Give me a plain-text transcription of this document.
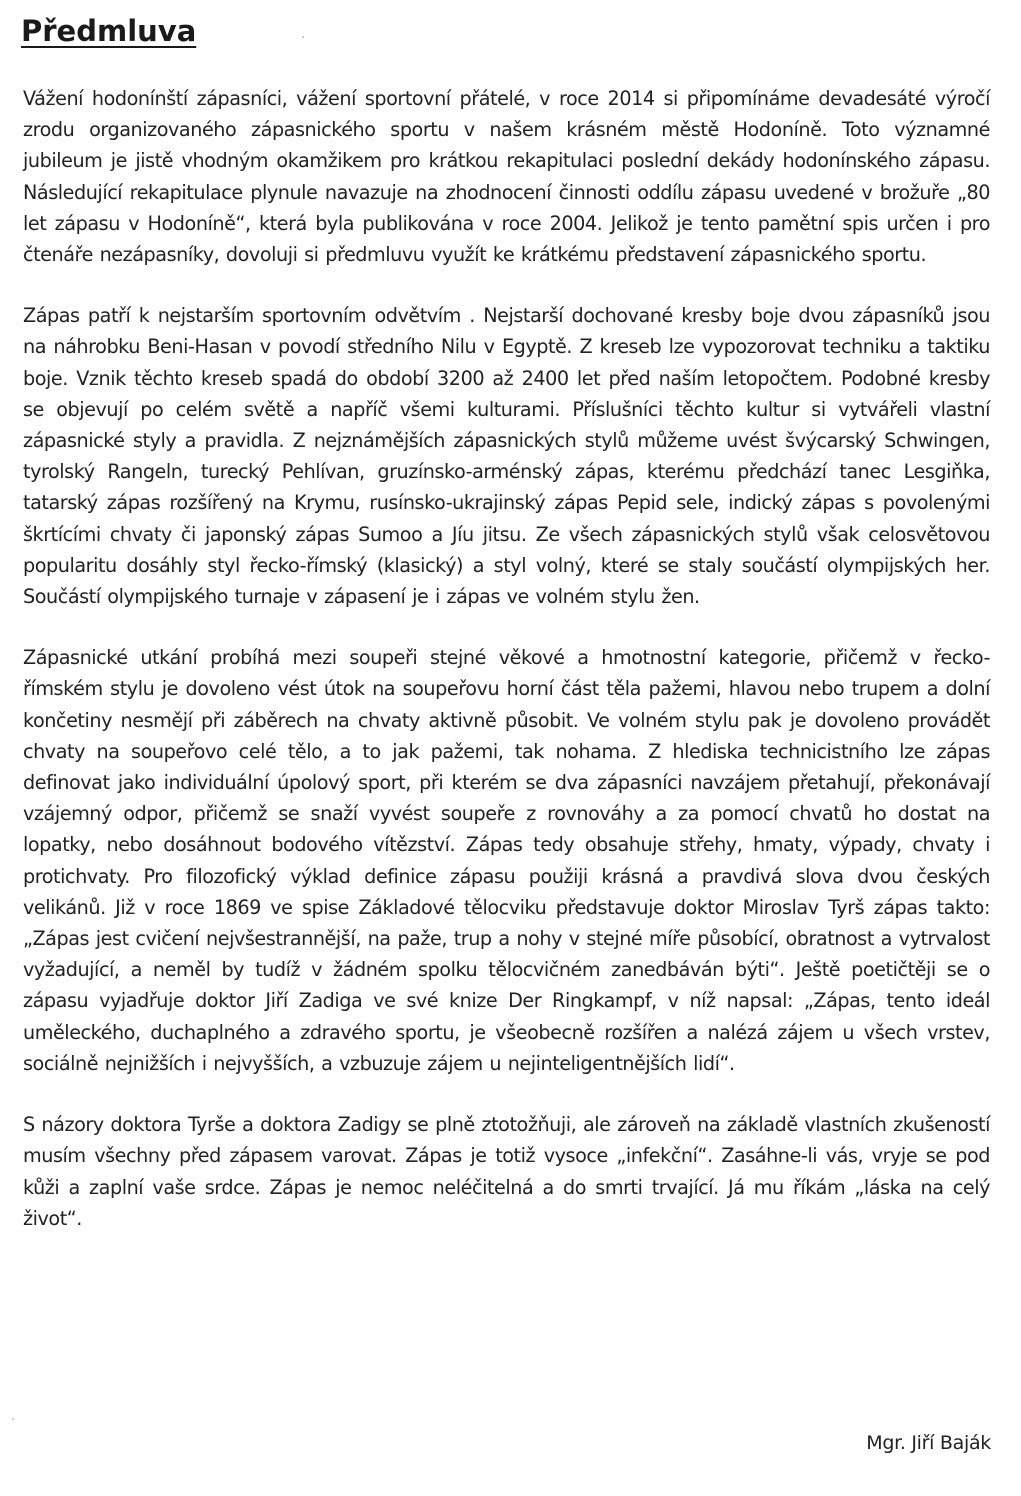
Předmluva

Vážení hodonínští zápasníci, vážení sportovní přátelé, v roce 2014 si připomínáme devadesáté výročí zrodu organizovaného zápasnického sportu v našem krásném městě Hodoníně. Toto významné jubileum je jistě vhodným okamžikem pro krátkou rekapitulaci poslední dekády hodonínského zápasu. Následující rekapitulace plynule navazuje na zhodnocení činnosti oddílu zápasu uvedené v brožuře „80 let zápasu v Hodoníně“, která byla publikována v roce 2004. Jelikož je tento pamětní spis určen i pro čtenáře nezápasníky, dovoluji si předmluvu využít ke krátkému představení zápasnického sportu.

Zápas patří k nejstarším sportovním odvětvím . Nejstarší dochované kresby boje dvou zápasníků jsou na náhrobku Beni-Hasan v povodí středního Nilu v Egyptě. Z kreseb lze vypozorovat techniku a taktiku boje. Vznik těchto kreseb spadá do období 3200 až 2400 let před naším letopočtem. Podobné kresby se objevují po celém světě a napříč všemi kulturami. Příslušníci těchto kultur si vytvářeli vlastní zápasnické styly a pravidla. Z nejznámějších zápasnických stylů můžeme uvést švýcarský Schwingen, tyrolský Rangeln, turecký Pehlívan, gruzínsko-arménský zápas, kterému předchází tanec Lesgiňka, tatarský zápas rozšířený na Krymu, rusínsko-ukrajinský zápas Pepid sele, indický zápas s povolenými škrtícími chvaty či japonský zápas Sumoo a Jíu jitsu. Ze všech zápasnických stylů však celosvětovou popularitu dosáhly styl řecko-římský (klasický) a styl volný, které se staly součástí olympijských her. Součástí olympijského turnaje v zápasení je i zápas ve volném stylu žen.

Zápasnické utkání probíhá mezi soupeři stejné věkové a hmotnostní kategorie, přičemž v řecko-římském stylu je dovoleno vést útok na soupeřovu horní část těla pažemi, hlavou nebo trupem a dolní končetiny nesmějí při záběrech na chvaty aktivně působit. Ve volném stylu pak je dovoleno provádět chvaty na soupeřovo celé tělo, a to jak pažemi, tak nohama. Z hlediska technicistního lze zápas definovat jako individuální úpolový sport, při kterém se dva zápasníci navzájem přetahují, překonávají vzájemný odpor, přičemž se snaží vyvést soupeře z rovnováhy a za pomocí chvatů ho dostat na lopatky, nebo dosáhnout bodového vítězství. Zápas tedy obsahuje střehy, hmaty, výpady, chvaty i protichvaty. Pro filozofický výklad definice zápasu použiji krásná a pravdivá slova dvou českých velikánů. Již v roce 1869 ve spise Základové tělocviku představuje doktor Miroslav Tyrš zápas takto: „Zápas jest cvičení nejvšestrannější, na paže, trup a nohy v stejné míře působící, obratnost a vytrvalost vyžadující, a neměl by tudíž v žádném spolku tělocvičném zanedbáván býti“. Ještě poetičtěji se o zápasu vyjadřuje doktor Jiří Zadiga ve své knize Der Ringkampf, v níž napsal: „Zápas, tento ideál uměleckého, duchaplného a zdravého sportu, je všeobecně rozšířen a nalézá zájem u všech vrstev, sociálně nejnižších i nejvyšších, a vzbuzuje zájem u nejinteligentnějších lidí“.

S názory doktora Tyrše a doktora Zadigy se plně ztotožňuji, ale zároveň na základě vlastních zkušeností musím všechny před zápasem varovat. Zápas je totiž vysoce „infekční“. Zasáhne-li vás, vryje se pod kůži a zaplní vaše srdce. Zápas je nemoc neléčitelná a do smrti trvající. Já mu říkám „láska na celý život“.

Mgr. Jiří Baják
